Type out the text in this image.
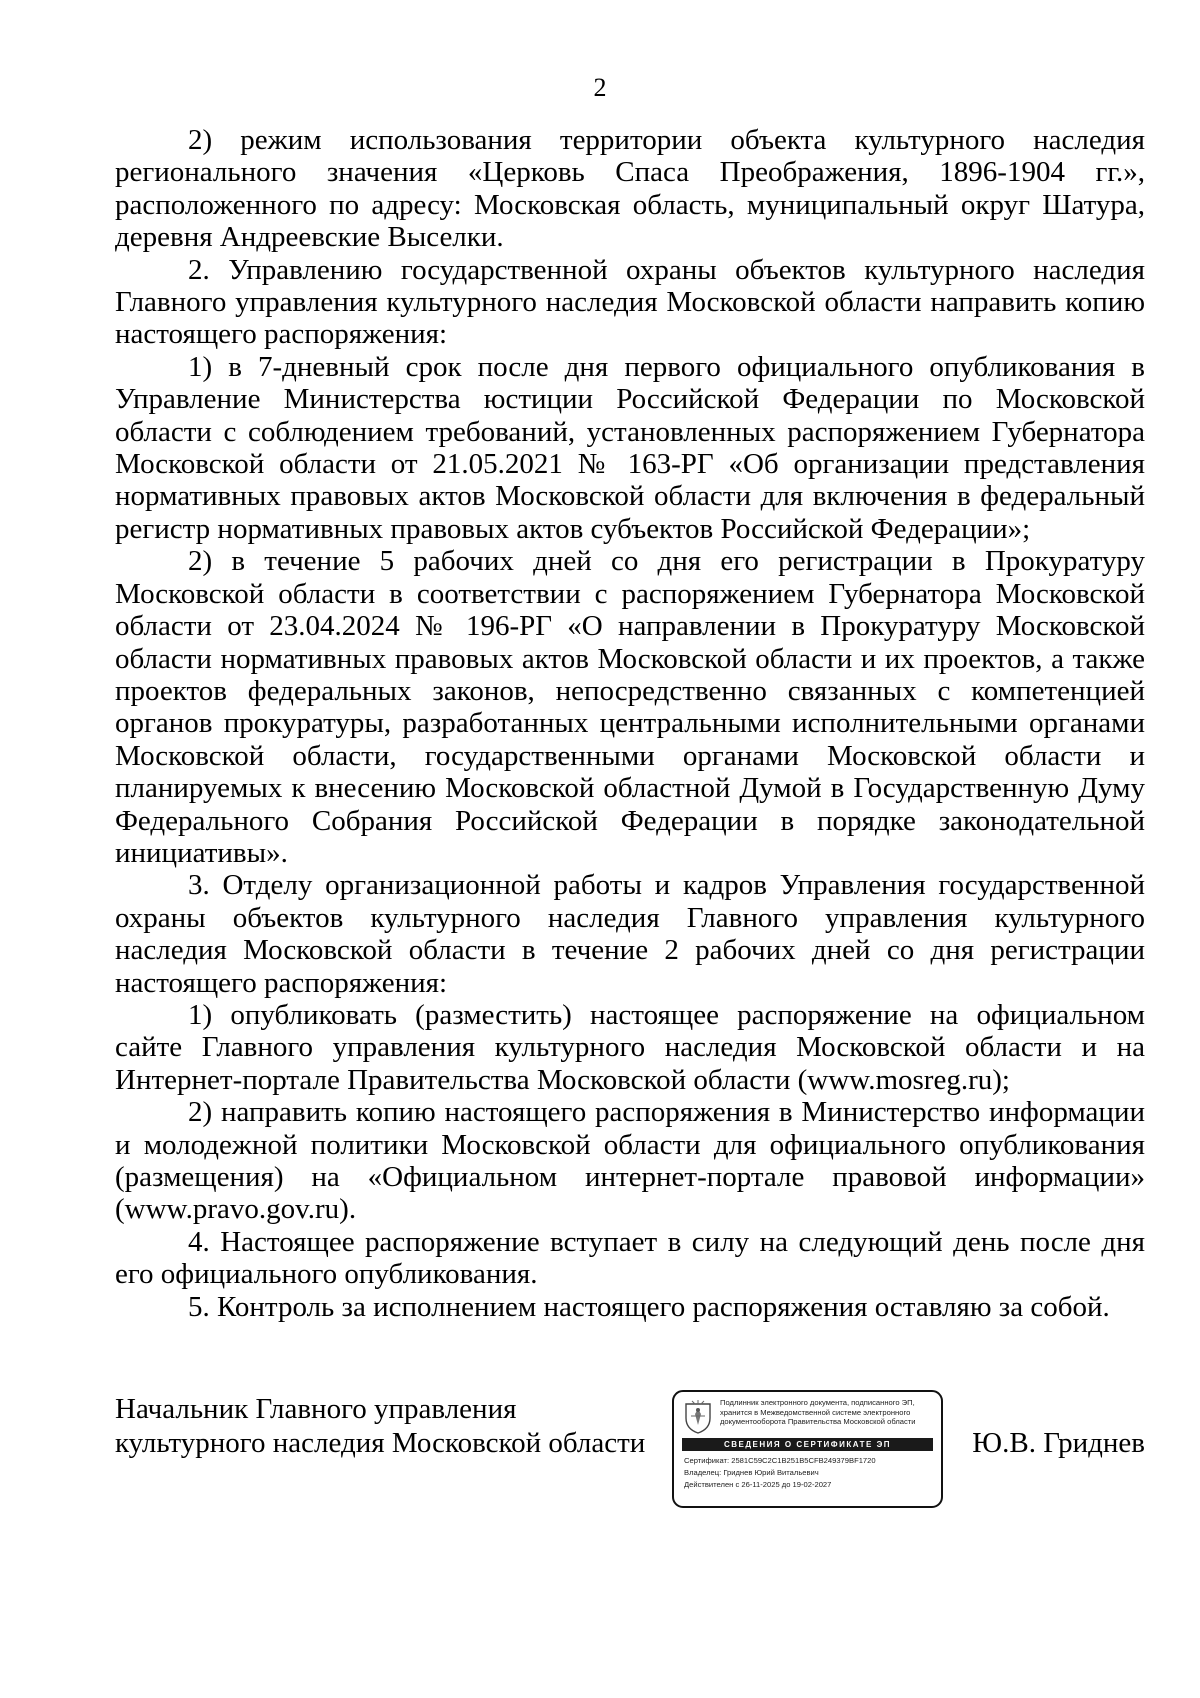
2

2) режим использования территории объекта культурного наследия регионального значения «Церковь Спаса Преображения, 1896-1904 гг.», расположенного по адресу: Московская область, муниципальный округ Шатура, деревня Андреевские Выселки.

2. Управлению государственной охраны объектов культурного наследия Главного управления культурного наследия Московской области направить копию настоящего распоряжения:

1) в 7-дневный срок после дня первого официального опубликования в Управление Министерства юстиции Российской Федерации по Московской области с соблюдением требований, установленных распоряжением Губернатора Московской области от 21.05.2021 № 163-РГ «Об организации представления нормативных правовых актов Московской области для включения в федеральный регистр нормативных правовых актов субъектов Российской Федерации»;

2) в течение 5 рабочих дней со дня его регистрации в Прокуратуру Московской области в соответствии с распоряжением Губернатора Московской области от 23.04.2024 № 196-РГ «О направлении в Прокуратуру Московской области нормативных правовых актов Московской области и их проектов, а также проектов федеральных законов, непосредственно связанных с компетенцией органов прокуратуры, разработанных центральными исполнительными органами Московской области, государственными органами Московской области и планируемых к внесению Московской областной Думой в Государственную Думу Федерального Собрания Российской Федерации в порядке законодательной инициативы».

3. Отделу организационной работы и кадров Управления государственной охраны объектов культурного наследия Главного управления культурного наследия Московской области в течение 2 рабочих дней со дня регистрации настоящего распоряжения:

1) опубликовать (разместить) настоящее распоряжение на официальном сайте Главного управления культурного наследия Московской области и на Интернет-портале Правительства Московской области (www.mosreg.ru);

2) направить копию настоящего распоряжения в Министерство информации и молодежной политики Московской области для официального опубликования (размещения) на «Официальном интернет-портале правовой информации» (www.pravo.gov.ru).

4. Настоящее распоряжение вступает в силу на следующий день после дня его официального опубликования.

5. Контроль за исполнением настоящего распоряжения оставляю за собой.

Начальник Главного управления
культурного наследия Московской области
Подлинник электронного документа, подписанного ЭП,
хранится в Межведомственной системе электронного
документооборота Правительства Московской области
СВЕДЕНИЯ О СЕРТИФИКАТЕ ЭП
Сертификат: 2581C59C2C1B251B5CFB249379BF1720
Владелец: Гриднев Юрий Витальевич
Действителен с 26-11-2025 до 19-02-2027
Ю.В. Гриднев
